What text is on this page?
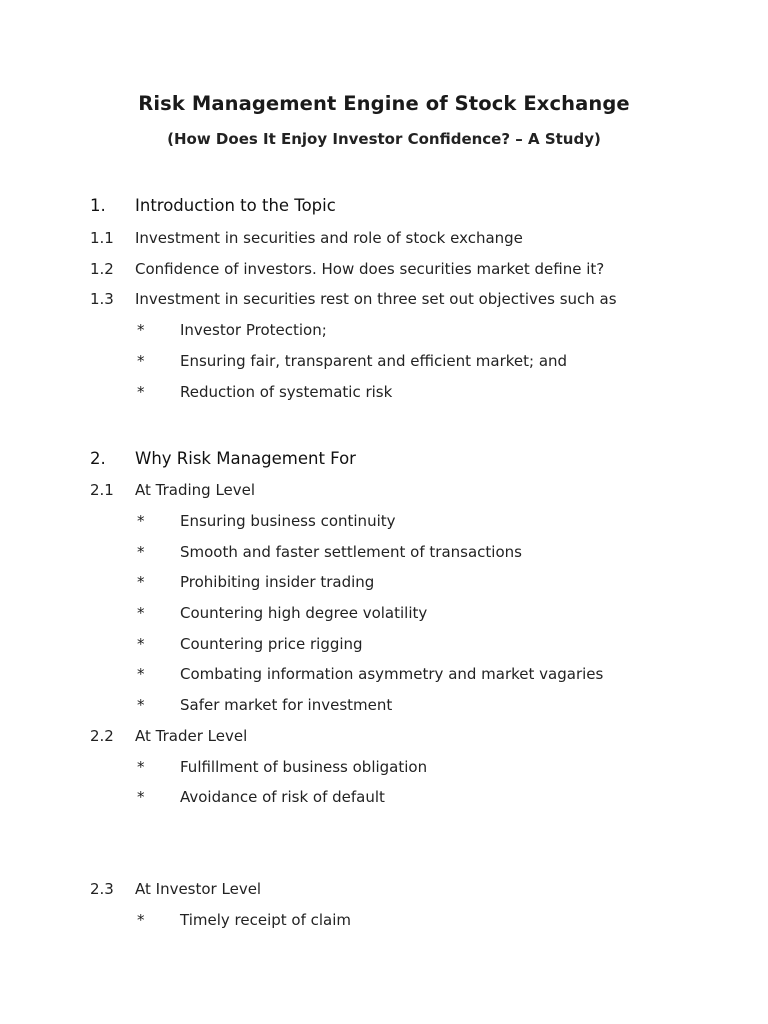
Risk Management Engine of Stock Exchange
(How Does It Enjoy Investor Confidence? – A Study)
1. Introduction to the Topic
1.1 Investment in securities and role of stock exchange
1.2 Confidence of investors. How does securities market define it?
1.3 Investment in securities rest on three set out objectives such as
* Investor Protection;
* Ensuring fair, transparent and efficient market; and
* Reduction of systematic risk
2. Why Risk Management For
2.1 At Trading Level
* Ensuring business continuity
* Smooth and faster settlement of transactions
* Prohibiting insider trading
* Countering high degree volatility
* Countering price rigging
* Combating information asymmetry and market vagaries
* Safer market for investment
2.2 At Trader Level
* Fulfillment of business obligation
* Avoidance of risk of default
2.3 At Investor Level
* Timely receipt of claim
